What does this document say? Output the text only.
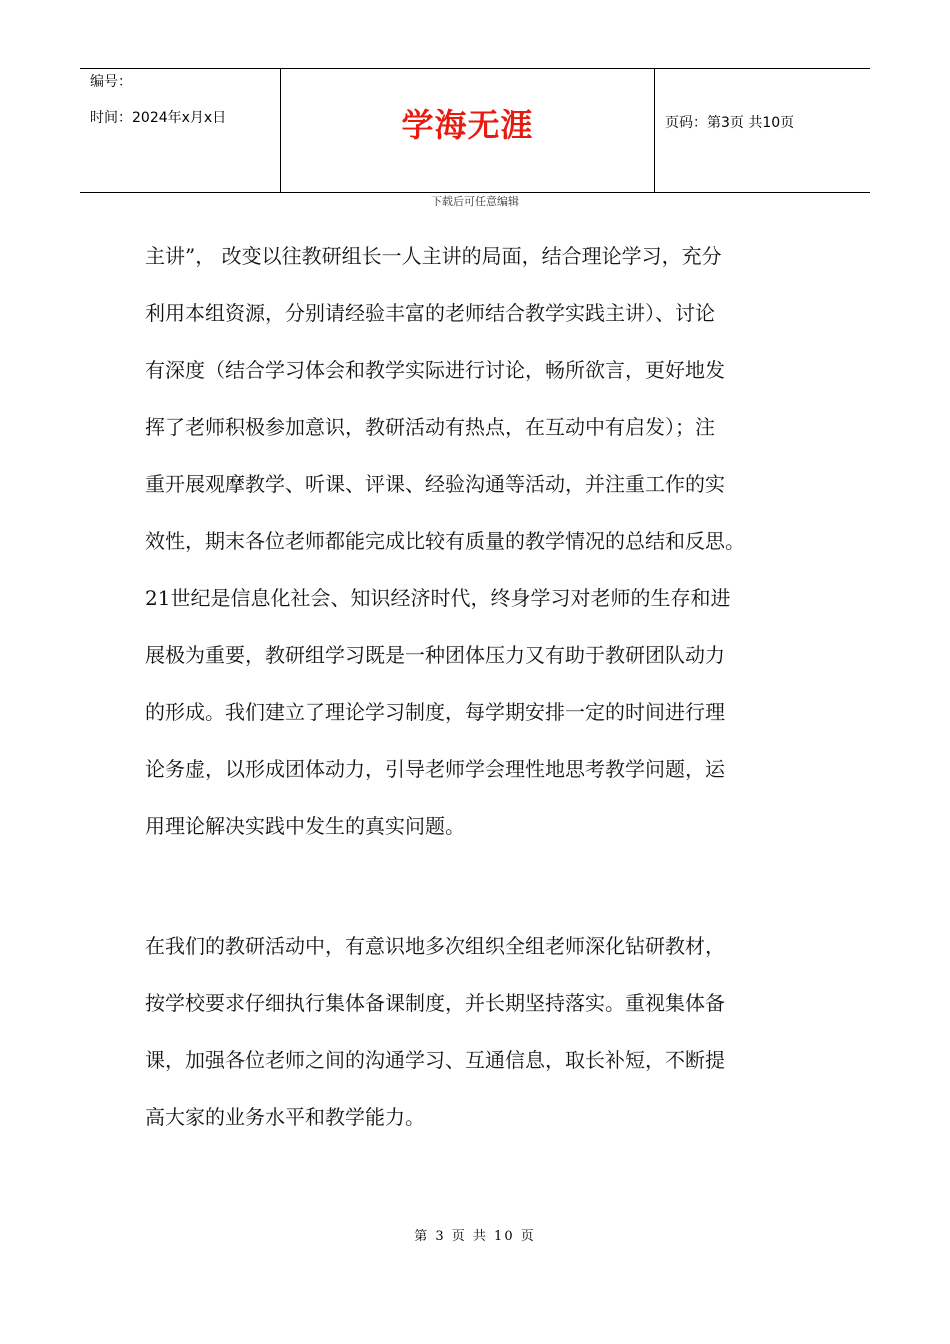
编号：
时间：2024年x月x日	学海无涯	页码：第3页 共10页
下载后可任意编辑
主讲”， 改变以往教研组长一人主讲的局面，结合理论学习，充分
利用本组资源，分别请经验丰富的老师结合教学实践主讲）、讨论
有深度（结合学习体会和教学实际进行讨论，畅所欲言，更好地发
挥了老师积极参加意识，教研活动有热点，在互动中有启发）；注
重开展观摩教学、听课、评课、经验沟通等活动，并注重工作的实
效性，期末各位老师都能完成比较有质量的教学情况的总结和反思。
21世纪是信息化社会、知识经济时代，终身学习对老师的生存和进
展极为重要，教研组学习既是一种团体压力又有助于教研团队动力
的形成。我们建立了理论学习制度，每学期安排一定的时间进行理
论务虚，以形成团体动力，引导老师学会理性地思考教学问题，运
用理论解决实践中发生的真实问题。
在我们的教研活动中，有意识地多次组织全组老师深化钻研教材，
按学校要求仔细执行集体备课制度，并长期坚持落实。重视集体备
课，加强各位老师之间的沟通学习、互通信息，取长补短，不断提
高大家的业务水平和教学能力。
第 3 页 共 10 页
